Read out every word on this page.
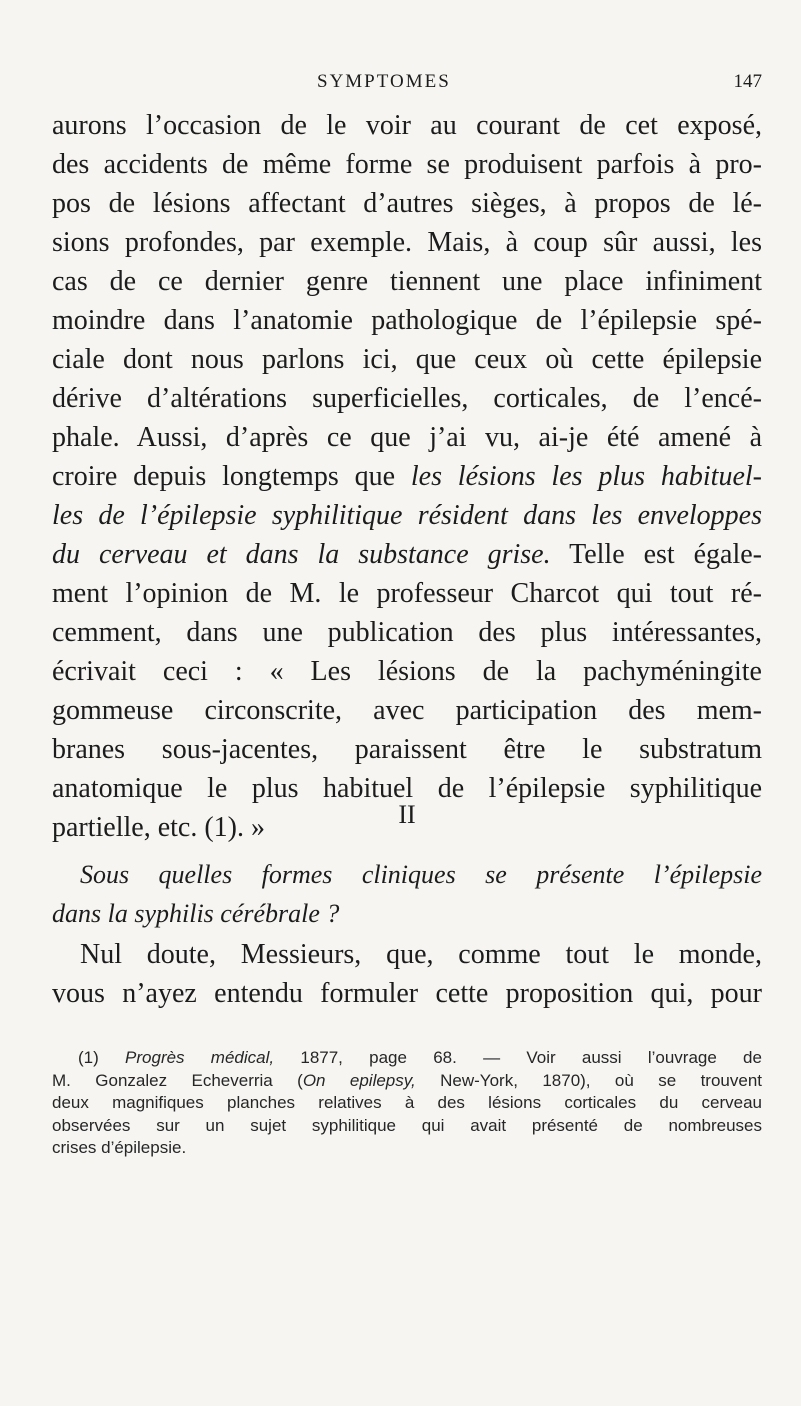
SYMPTOMES	147
aurons l’occasion de le voir au courant de cet exposé,
des accidents de même forme se produisent parfois à pro-
pos de lésions affectant d’autres sièges, à propos de lé-
sions profondes, par exemple. Mais, à coup sûr aussi, les
cas de ce dernier genre tiennent une place infiniment
moindre dans l’anatomie pathologique de l’épilepsie spé-
ciale dont nous parlons ici, que ceux où cette épilepsie
dérive d’altérations superficielles, corticales, de l’encé-
phale. Aussi, d’après ce que j’ai vu, ai-je été amené à
croire depuis longtemps que les lésions les plus habituel-
les de l’épilepsie syphilitique résident dans les enveloppes
du cerveau et dans la substance grise. Telle est égale-
ment l’opinion de M. le professeur Charcot qui tout ré-
cemment, dans une publication des plus intéressantes,
écrivait ceci : « Les lésions de la pachyméningite
gommeuse circonscrite, avec participation des mem-
branes sous-jacentes, paraissent être le substratum
anatomique le plus habituel de l’épilepsie syphilitique
partielle, etc. (1). »	II
Sous quelles formes cliniques se présente l’épilepsie
dans la syphilis cérébrale ?
Nul doute, Messieurs, que, comme tout le monde,
vous n’ayez entendu formuler cette proposition qui, pour
(1) Progrès médical, 1877, page 68. — Voir aussi l’ouvrage de
M. Gonzalez Echeverria (On epilepsy, New-York, 1870), où se trouvent
deux magnifiques planches relatives à des lésions corticales du cerveau
observées sur un sujet syphilitique qui avait présenté de nombreuses
crises d’épilepsie.
